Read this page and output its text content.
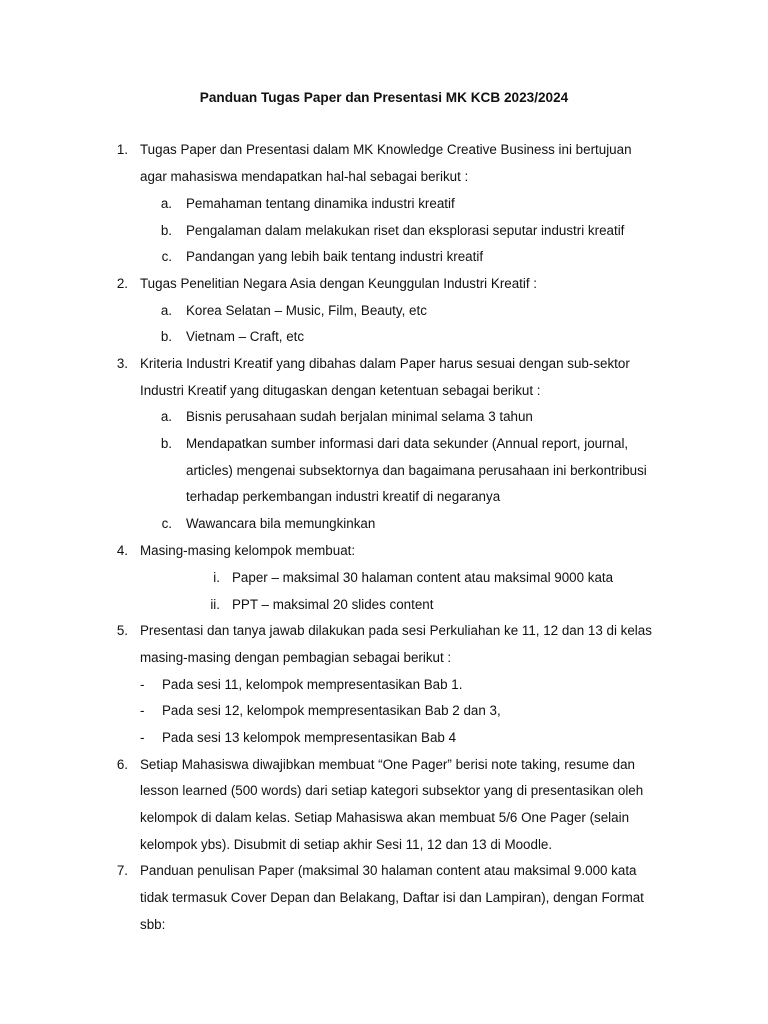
Panduan Tugas Paper dan Presentasi MK KCB 2023/2024
1. Tugas Paper dan Presentasi dalam MK Knowledge Creative Business ini bertujuan
agar mahasiswa mendapatkan hal-hal sebagai berikut :
a. Pemahaman tentang dinamika industri kreatif
b. Pengalaman dalam melakukan riset dan eksplorasi seputar industri kreatif
c. Pandangan yang lebih baik tentang industri kreatif
2. Tugas Penelitian Negara Asia dengan Keunggulan Industri Kreatif :
a. Korea Selatan – Music, Film, Beauty, etc
b. Vietnam – Craft, etc
3. Kriteria Industri Kreatif yang dibahas dalam Paper harus sesuai dengan sub-sektor
Industri Kreatif yang ditugaskan dengan ketentuan sebagai berikut :
a. Bisnis perusahaan sudah berjalan minimal selama 3 tahun
b. Mendapatkan sumber informasi dari data sekunder (Annual report, journal,
articles) mengenai subsektornya dan bagaimana perusahaan ini berkontribusi
terhadap perkembangan industri kreatif di negaranya
c. Wawancara bila memungkinkan
4. Masing-masing kelompok membuat:
i. Paper – maksimal 30 halaman content atau maksimal 9000 kata
ii. PPT – maksimal 20 slides content
5. Presentasi dan tanya jawab dilakukan pada sesi Perkuliahan ke 11, 12 dan 13 di kelas
masing-masing dengan pembagian sebagai berikut :
- Pada sesi 11, kelompok mempresentasikan Bab 1.
- Pada sesi 12, kelompok mempresentasikan Bab 2 dan 3,
- Pada sesi 13 kelompok mempresentasikan Bab 4
6. Setiap Mahasiswa diwajibkan membuat “One Pager” berisi note taking, resume dan
lesson learned (500 words) dari setiap kategori subsektor yang di presentasikan oleh
kelompok di dalam kelas. Setiap Mahasiswa akan membuat 5/6 One Pager (selain
kelompok ybs). Disubmit di setiap akhir Sesi 11, 12 dan 13 di Moodle.
7. Panduan penulisan Paper (maksimal 30 halaman content atau maksimal 9.000 kata
tidak termasuk Cover Depan dan Belakang, Daftar isi dan Lampiran), dengan Format
sbb:
